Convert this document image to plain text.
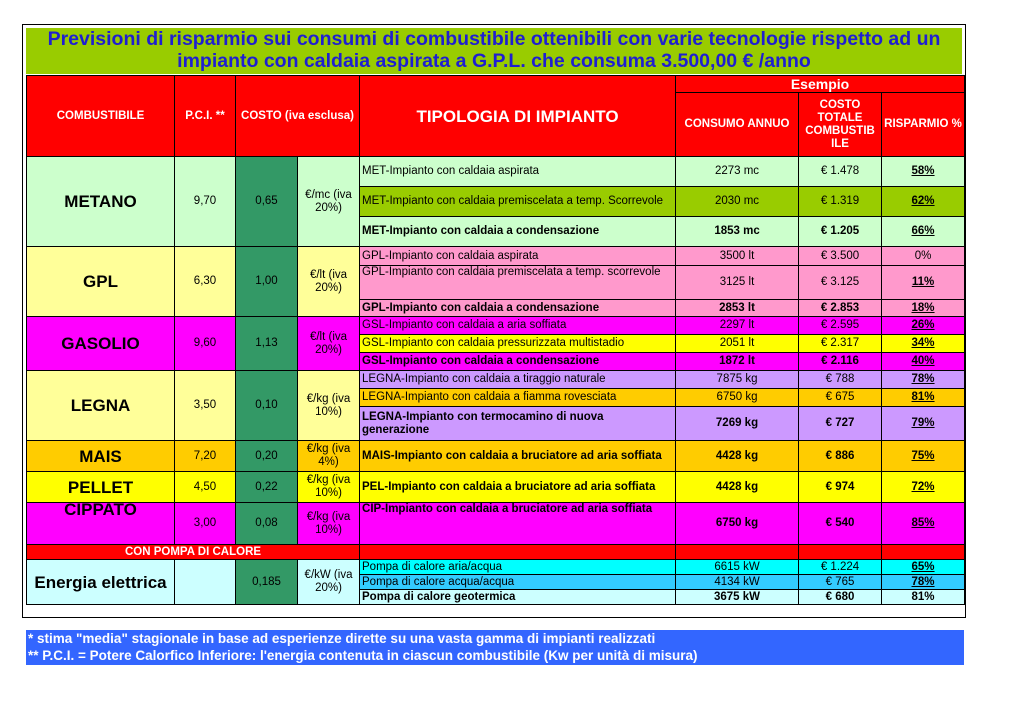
Previsioni di risparmio sui consumi di combustibile ottenibili con varie tecnologie rispetto ad un
impianto con caldaia aspirata a G.P.L. che consuma 3.500,00 € /anno
COMBUSTIBILE	P.C.I. **	COSTO (iva esclusa)		TIPOLOGIA DI IMPIANTO	Esempio		
					CONSUMO ANNUO	COSTO TOTALE COMBUSTIB ILE	RISPARMIO %

METANO	9,70	0,65	€/mc (iva 20%)	MET-Impianto con caldaia aspirata	2273 mc	€ 1.478	58%
				MET-Impianto con caldaia premiscelata a temp. Scorrevole	2030 mc	€ 1.319	62%
				MET-Impianto con caldaia a condensazione	1853 mc	€ 1.205	66%
GPL	6,30	1,00	€/lt (iva 20%)	GPL-Impianto con caldaia aspirata	3500 lt	€ 3.500	0%
				GPL-Impianto con caldaia premiscelata a temp. scorrevole	3125 lt	€ 3.125	11%
				GPL-Impianto con caldaia a condensazione	2853 lt	€ 2.853	18%
GASOLIO	9,60	1,13	€/lt (iva 20%)	GSL-Impianto con caldaia a aria soffiata	2297 lt	€ 2.595	26%
				GSL-Impianto con caldaia pressurizzata multistadio	2051 lt	€ 2.317	34%
				GSL-Impianto con caldaia a condensazione	1872 lt	€ 2.116	40%
LEGNA	3,50	0,10	€/kg (iva 10%)	LEGNA-Impianto con caldaia a tiraggio naturale	7875 kg	€ 788	78%
				LEGNA-Impianto con caldaia a fiamma rovesciata	6750 kg	€ 675	81%
				LEGNA-Impianto con termocamino di nuova generazione	7269 kg	€ 727	79%
MAIS	7,20	0,20	€/kg (iva 4%)	MAIS-Impianto con caldaia a bruciatore ad aria soffiata	4428 kg	€ 886	75%
PELLET	4,50	0,22	€/kg (iva 10%)	PEL-Impianto con caldaia a bruciatore ad aria soffiata	4428 kg	€ 974	72%
CIPPATO	3,00	0,08	€/kg (iva 10%)	CIP-Impianto con caldaia a bruciatore ad aria soffiata	6750 kg	€ 540	85%
CON POMPA DI CALORE							
Energia elettrica		0,185	€/kW (iva 20%)	Pompa di calore aria/acqua	6615 kW	€ 1.224	65%
				Pompa di calore acqua/acqua	4134 kW	€ 765	78%
				Pompa di calore geotermica	3675 kW	€ 680	81%
* stima "media" stagionale in base ad esperienze dirette su una vasta gamma di impianti realizzati
** P.C.I. = Potere Calorfico Inferiore: l'energia contenuta in ciascun combustibile (Kw per unità di misura)
